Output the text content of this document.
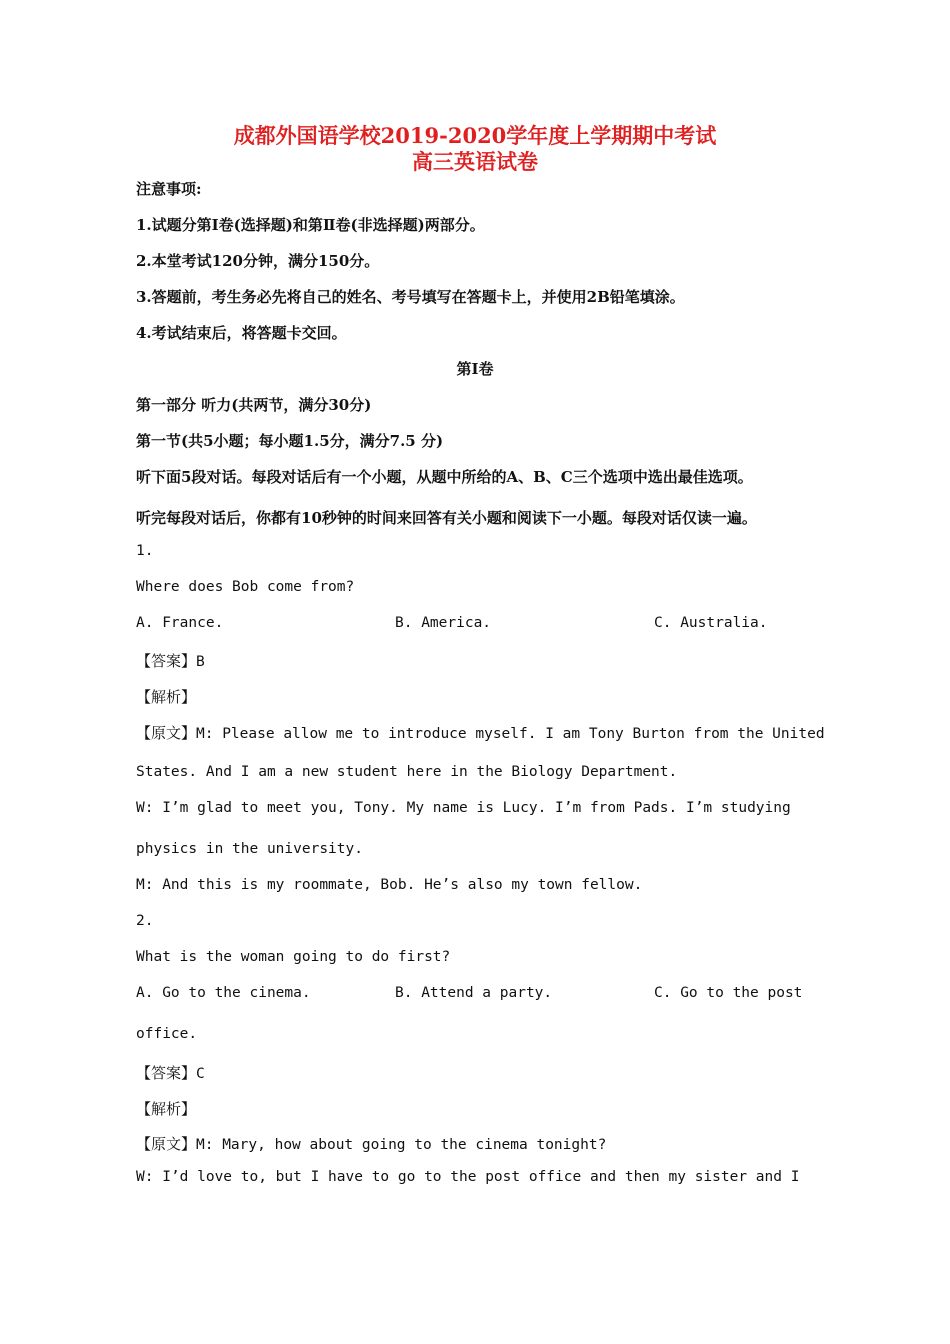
成都外国语学校2019-2020学年度上学期期中考试
高三英语试卷
注意事项:
1.试题分第Ⅰ卷(选择题)和第Ⅱ卷(非选择题)两部分。
2.本堂考试120分钟，满分150分。
3.答题前，考生务必先将自己的姓名、考号填写在答题卡上，并使用2B铅笔填涂。
4.考试结束后，将答题卡交回。
第Ⅰ卷
第一部分 听力(共两节，满分30分)
第一节(共5小题；每小题1.5分，满分7.5 分)
听下面5段对话。每段对话后有一个小题，从题中所给的A、B、C三个选项中选出最佳选项。
听完每段对话后，你都有10秒钟的时间来回答有关小题和阅读下一小题。每段对话仅读一遍。
1.
Where does Bob come from?
A. France.	B. America.	C. Australia.
【答案】B
【解析】
【原文】M: Please allow me to introduce myself. I am Tony Burton from the United
States. And I am a new student here in the Biology Department.
W: I’m glad to meet you, Tony. My name is Lucy. I’m from Pads. I’m studying
physics in the university.
M: And this is my roommate, Bob. He’s also my town fellow.
2.
What is the woman going to do first?
A. Go to the cinema.	B. Attend a party.	C. Go to the post
office.
【答案】C
【解析】
【原文】M: Mary, how about going to the cinema tonight?
W: I’d love to, but I have to go to the post office and then my sister and I
